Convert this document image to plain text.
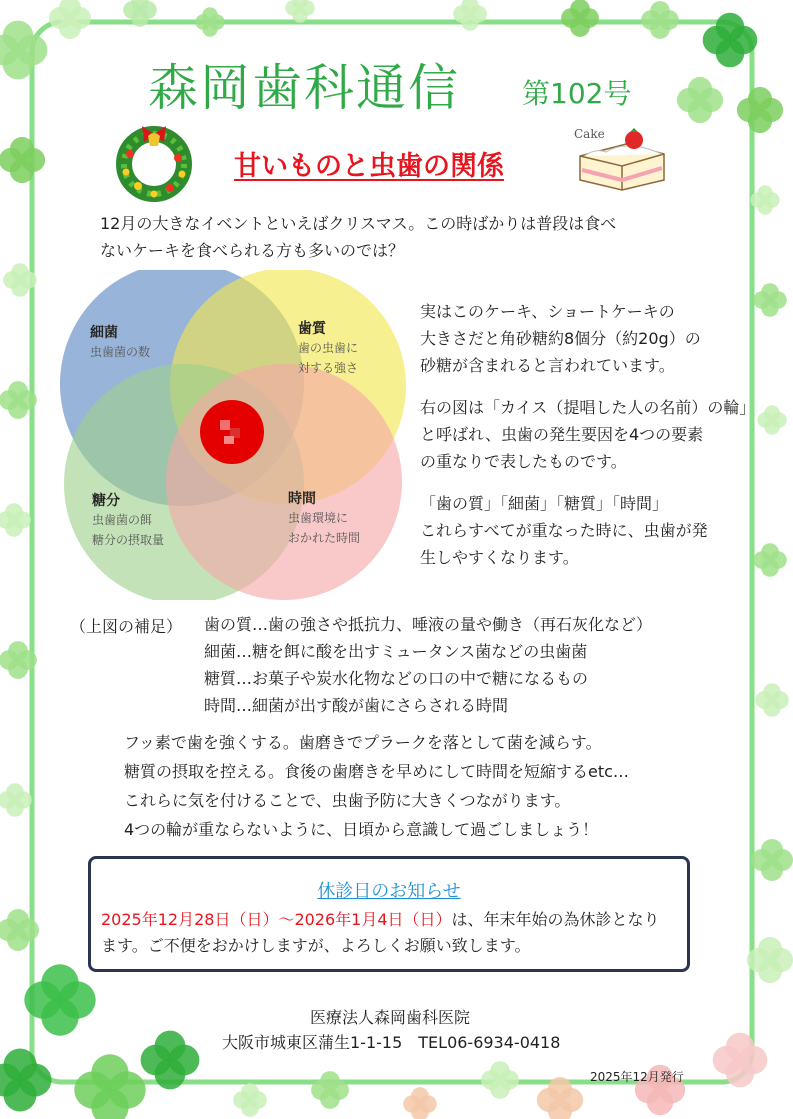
森岡歯科通信 第102号
甘いものと虫歯の関係
Cake
12月の大きなイベントといえばクリスマス。この時ばかりは普段は食べ
ないケーキを食べられる方も多いのでは？
細菌
虫歯菌の数
歯質
歯の虫歯に
対する強さ
糖分
虫歯菌の餌
糖分の摂取量
時間
虫歯環境に
おかれた時間
実はこのケーキ、ショートケーキの
大きさだと角砂糖約8個分（約20g）の
砂糖が含まれると言われています。
右の図は「カイス（提唱した人の名前）の輪」
と呼ばれ、虫歯の発生要因を4つの要素
の重なりで表したものです。
「歯の質」「細菌」「糖質」「時間」
これらすべてが重なった時に、虫歯が発
生しやすくなります。
（上図の補足） 歯の質…歯の強さや抵抗力、唾液の量や働き（再石灰化など）
細菌…糖を餌に酸を出すミュータンス菌などの虫歯菌
糖質…お菓子や炭水化物などの口の中で糖になるもの
時間…細菌が出す酸が歯にさらされる時間
フッ素で歯を強くする。歯磨きでプラークを落として菌を減らす。
糖質の摂取を控える。食後の歯磨きを早めにして時間を短縮するetc…
これらに気を付けることで、虫歯予防に大きくつながります。
4つの輪が重ならないように、日頃から意識して過ごしましょう！
休診日のお知らせ
2025年12月28日（日）～2026年1月4日（日）は、年末年始の為休診となり
ます。ご不便をおかけしますが、よろしくお願い致します。
医療法人森岡歯科医院
大阪市城東区蒲生1-1-15　TEL06-6934-0418
2025年12月発行
